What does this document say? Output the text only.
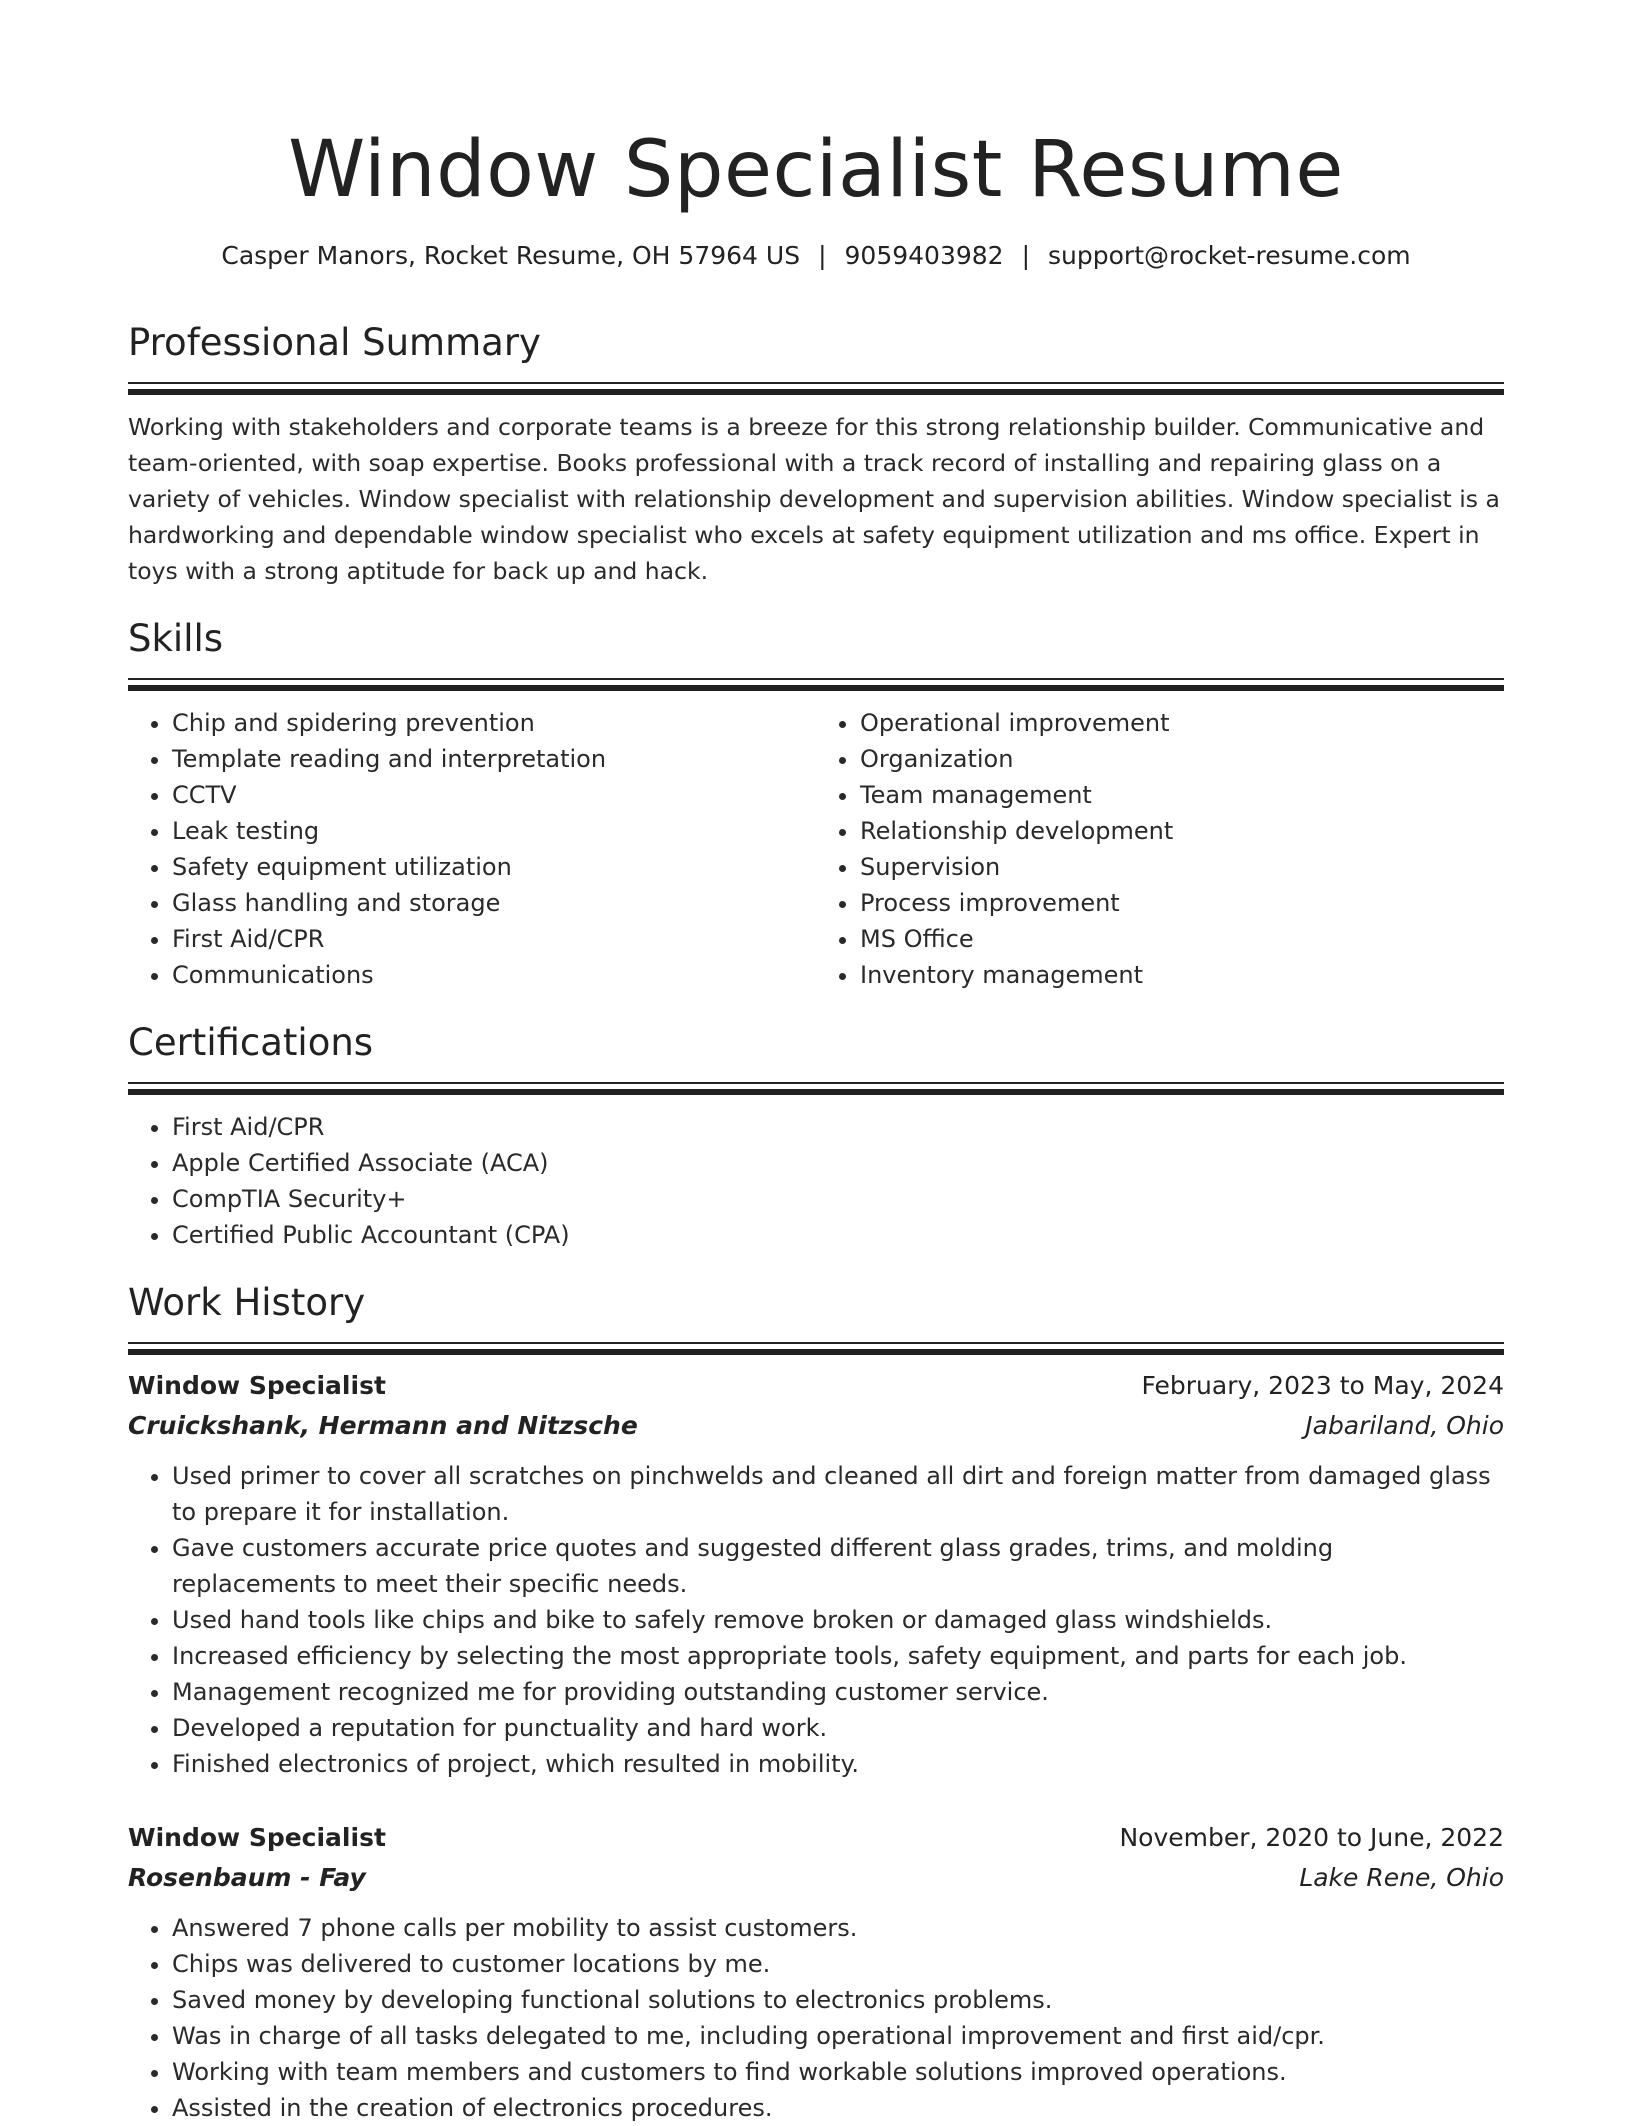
Window Specialist Resume
Casper Manors, Rocket Resume, OH 57964 US | 9059403982 | support@rocket-resume.com
Professional Summary
Working with stakeholders and corporate teams is a breeze for this strong relationship builder. Communicative and team-oriented, with soap expertise. Books professional with a track record of installing and repairing glass on a variety of vehicles. Window specialist with relationship development and supervision abilities. Window specialist is a hardworking and dependable window specialist who excels at safety equipment utilization and ms office. Expert in toys with a strong aptitude for back up and hack.
Skills
• Chip and spidering prevention
• Template reading and interpretation
• CCTV
• Leak testing
• Safety equipment utilization
• Glass handling and storage
• First Aid/CPR
• Communications
• Operational improvement
• Organization
• Team management
• Relationship development
• Supervision
• Process improvement
• MS Office
• Inventory management
Certifications
• First Aid/CPR
• Apple Certified Associate (ACA)
• CompTIA Security+
• Certified Public Accountant (CPA)
Work History
Window Specialist	February, 2023 to May, 2024
Cruickshank, Hermann and Nitzsche	Jabariland, Ohio
• Used primer to cover all scratches on pinchwelds and cleaned all dirt and foreign matter from damaged glass to prepare it for installation.
• Gave customers accurate price quotes and suggested different glass grades, trims, and molding replacements to meet their specific needs.
• Used hand tools like chips and bike to safely remove broken or damaged glass windshields.
• Increased efficiency by selecting the most appropriate tools, safety equipment, and parts for each job.
• Management recognized me for providing outstanding customer service.
• Developed a reputation for punctuality and hard work.
• Finished electronics of project, which resulted in mobility.
Window Specialist	November, 2020 to June, 2022
Rosenbaum - Fay	Lake Rene, Ohio
• Answered 7 phone calls per mobility to assist customers.
• Chips was delivered to customer locations by me.
• Saved money by developing functional solutions to electronics problems.
• Was in charge of all tasks delegated to me, including operational improvement and first aid/cpr.
• Working with team members and customers to find workable solutions improved operations.
• Assisted in the creation of electronics procedures.
